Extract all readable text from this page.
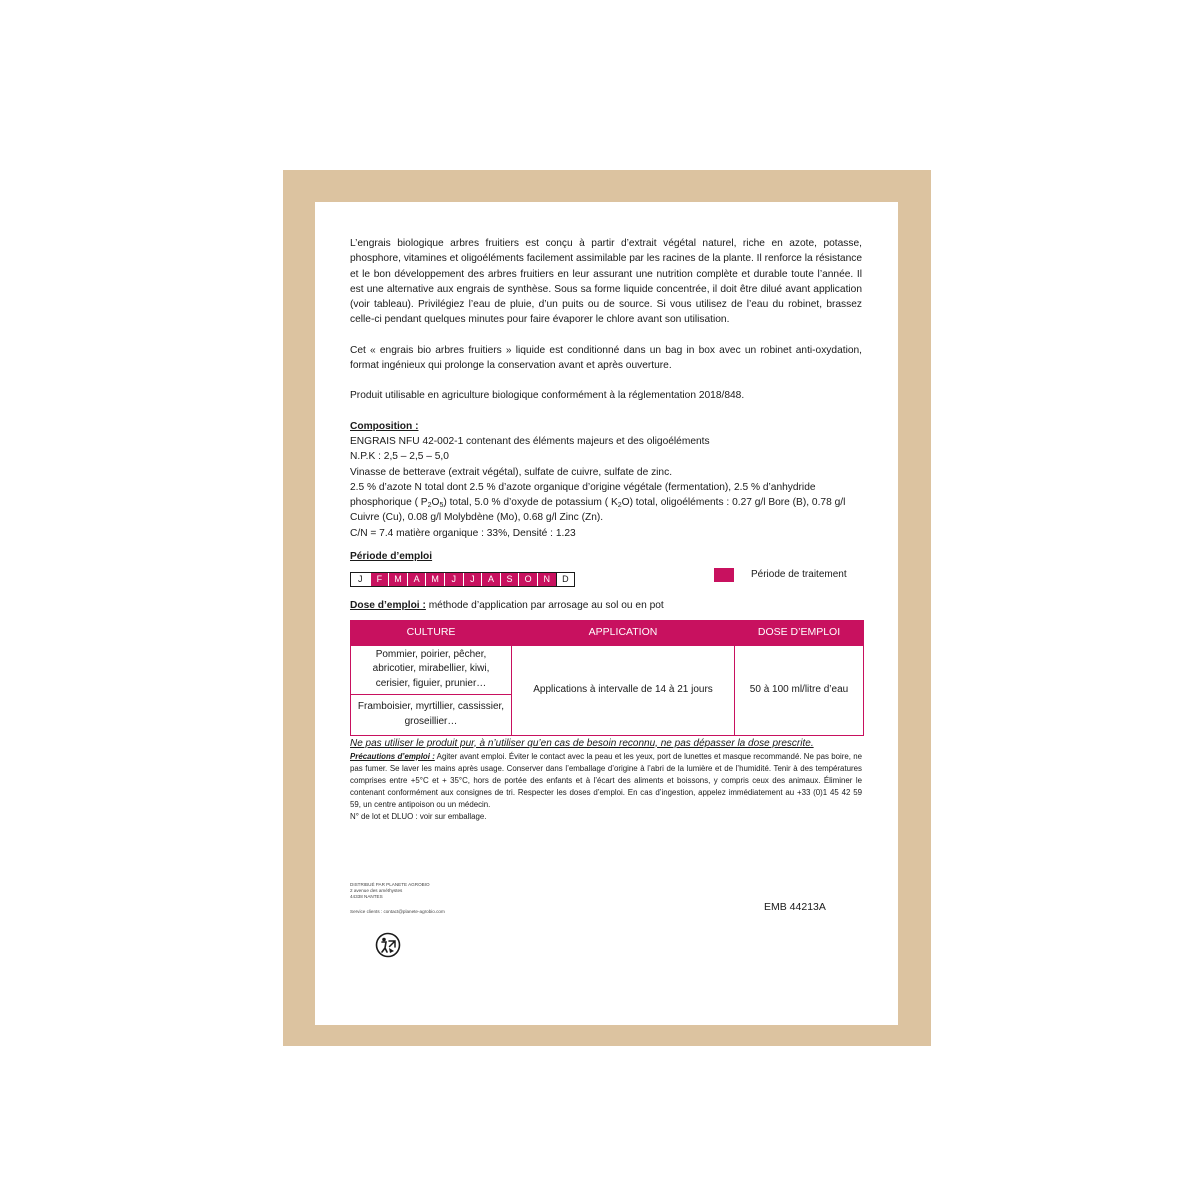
L’engrais biologique arbres fruitiers est conçu à partir d’extrait végétal naturel, riche en azote, potasse, phosphore, vitamines et oligoéléments facilement assimilable par les racines de la plante. Il renforce la résistance et le bon développement des arbres fruitiers en leur assurant une nutrition complète et durable toute l’année. Il est une alternative aux engrais de synthèse. Sous sa forme liquide concentrée, il doit être dilué avant application (voir tableau). Privilégiez l’eau de pluie, d’un puits ou de source. Si vous utilisez de l’eau du robinet, brassez celle-ci pendant quelques minutes pour faire évaporer le chlore avant son utilisation.

Cet « engrais bio arbres fruitiers » liquide est conditionné dans un bag in box avec un robinet anti-oxydation, format ingénieux qui prolonge la conservation avant et après ouverture.

Produit utilisable en agriculture biologique conformément à la réglementation 2018/848.

Composition :

ENGRAIS NFU 42-002-1 contenant des éléments majeurs et des oligoéléments

N.P.K : 2,5 – 2,5 – 5,0

Vinasse de betterave (extrait végétal), sulfate de cuivre, sulfate de zinc.

2.5 % d’azote N total dont 2.5 % d’azote organique d’origine végétale (fermentation), 2.5 % d’anhydride phosphorique ( $P_2O_5$) total, 5.0 % d’oxyde de potassium ( $K_2O$) total, oligoéléments : 0.27 g/l Bore (B), 0.78 g/l Cuivre (Cu), 0.08 g/l Molybdène (Mo), 0.68 g/l Zinc (Zn).

C/N = 7.4 matière organique : 33%, Densité : 1.23

Période d’emploi

J	F	M	A	M	J	J	A	S	O	N	D	Période de traitement

Dose d’emploi : méthode d’application par arrosage au sol ou en pot

CULTURE	APPLICATION	DOSE D’EMPLOI
Pommier, poirier, pêcher, abricotier, mirabellier, kiwi, cerisier, figuier, prunier…	Applications à intervalle de 14 à 21 jours	50 à 100 ml/litre d’eau
Framboisier, myrtillier, cassissier, groseillier…		

Ne pas utiliser le produit pur, à n’utiliser qu’en cas de besoin reconnu, ne pas dépasser la dose prescrite.

Précautions d’emploi : Agiter avant emploi. Éviter le contact avec la peau et les yeux, port de lunettes et masque recommandé. Ne pas boire, ne pas fumer. Se laver les mains après usage. Conserver dans l’emballage d’origine à l’abri de la lumière et de l’humidité. Tenir à des températures comprises entre +5°C et + 35°C, hors de portée des enfants et à l’écart des aliments et boissons, y compris ceux des animaux. Éliminer le contenant conformément aux consignes de tri. Respecter les doses d’emploi. En cas d’ingestion, appelez immédiatement au +33 (0)1 45 42 59 59, un centre antipoison ou un médecin.
N° de lot et DLUO : voir sur emballage.

DISTRIBUÉ PAR PLANETE AGROBIO
2 avenue des améthystes
44338 NANTES
Service clients : contact@planete-agrobio.com	EMB 44213A
